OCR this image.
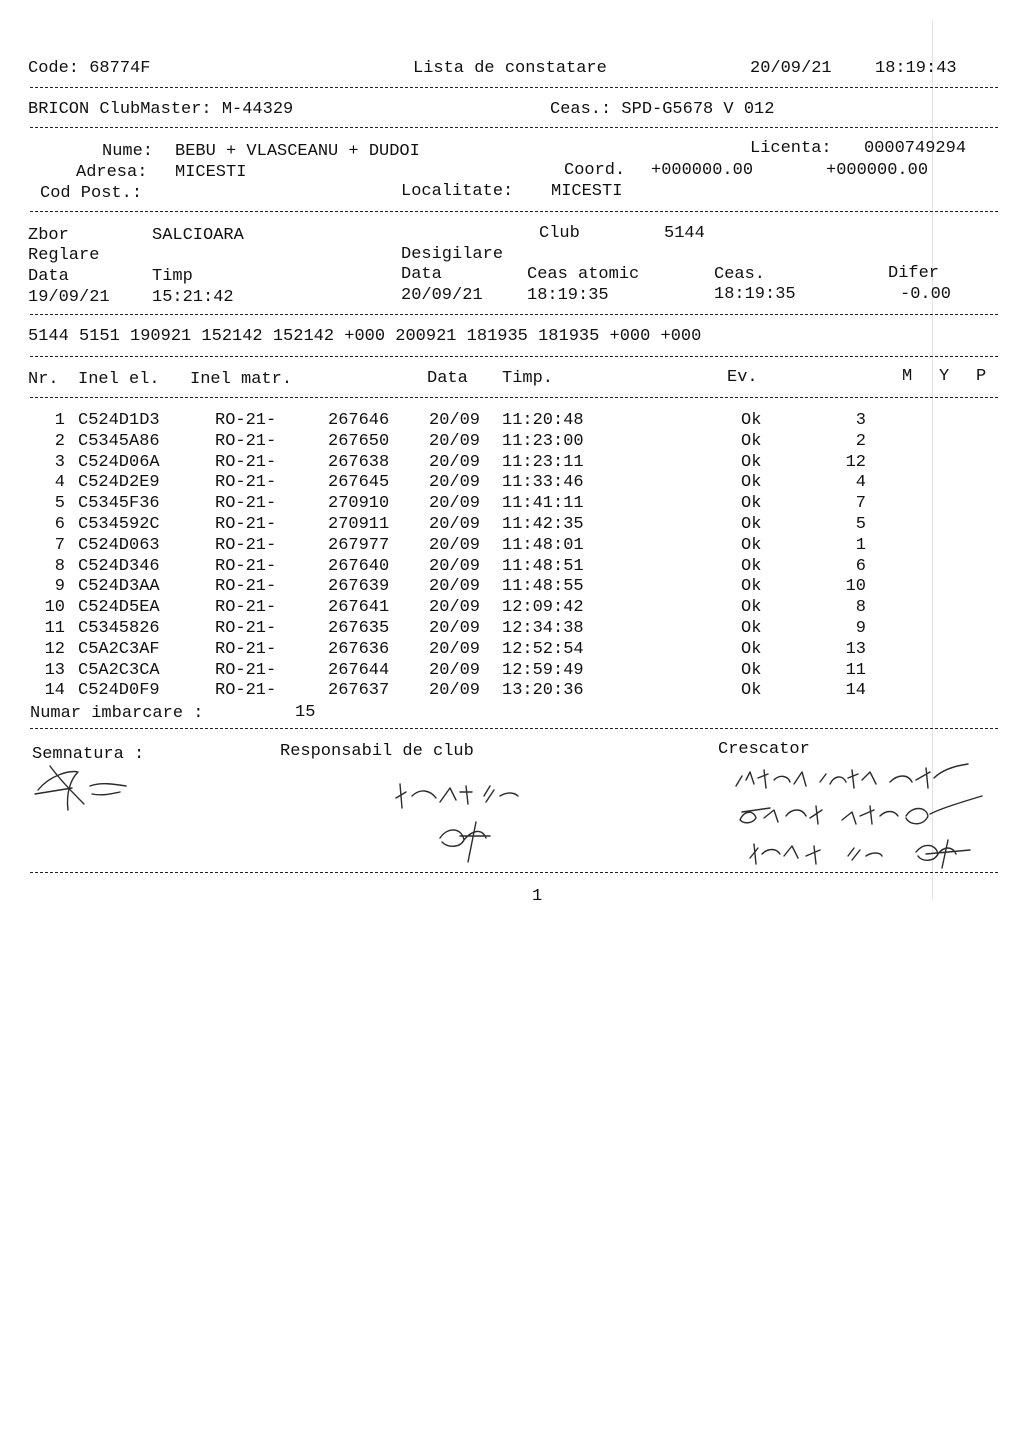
Code: 68774F	Lista de constatare	20/09/21	18:19:43
BRICON ClubMaster: M-44329	Ceas.: SPD-G5678 V 012
Nume: BEBU + VLASCEANU + DUDOI	Licenta: 0000749294
Adresa: MICESTI	Coord. +000000.00	+000000.00
Cod Post.:	Localitate: MICESTI
Zbor	SALCIOARA	Club	5144
Reglare	Desigilare
Data	Timp	Data	Ceas atomic	Ceas.	Difer
19/09/21 15:21:42	20/09/21	18:19:35	18:19:35	-0.00
5144 5151 190921 152142 152142 +000 200921 181935 181935 +000 +000
Nr. Inel el. Inel matr.	Data Timp.	Ev.	M Y P
1 C524D1D3	RO-21-	267646 20/09 11:20:48	Ok	3
2 C5345A86	RO-21-	267650 20/09 11:23:00	Ok	2
3 C524D06A	RO-21-	267638 20/09 11:23:11	Ok	12
4 C524D2E9	RO-21-	267645 20/09 11:33:46	Ok	4
5 C5345F36	RO-21-	270910 20/09 11:41:11	Ok	7
6 C534592C	RO-21-	270911 20/09 11:42:35	Ok	5
7 C524D063	RO-21-	267977 20/09 11:48:01	Ok	1
8 C524D346	RO-21-	267640 20/09 11:48:51	Ok	6
9 C524D3AA	RO-21-	267639 20/09 11:48:55	Ok	10
10 C524D5EA	RO-21-	267641 20/09 12:09:42	Ok	8
11 C5345826	RO-21-	267635 20/09 12:34:38	Ok	9
12 C5A2C3AF	RO-21-	267636 20/09 12:52:54	Ok	13
13 C5A2C3CA	RO-21-	267644 20/09 12:59:49	Ok	11
14 C524D0F9	RO-21-	267637 20/09 13:20:36	Ok	14
Numar imbarcare :	15
Semnatura :	Responsabil de club	Crescator
1
